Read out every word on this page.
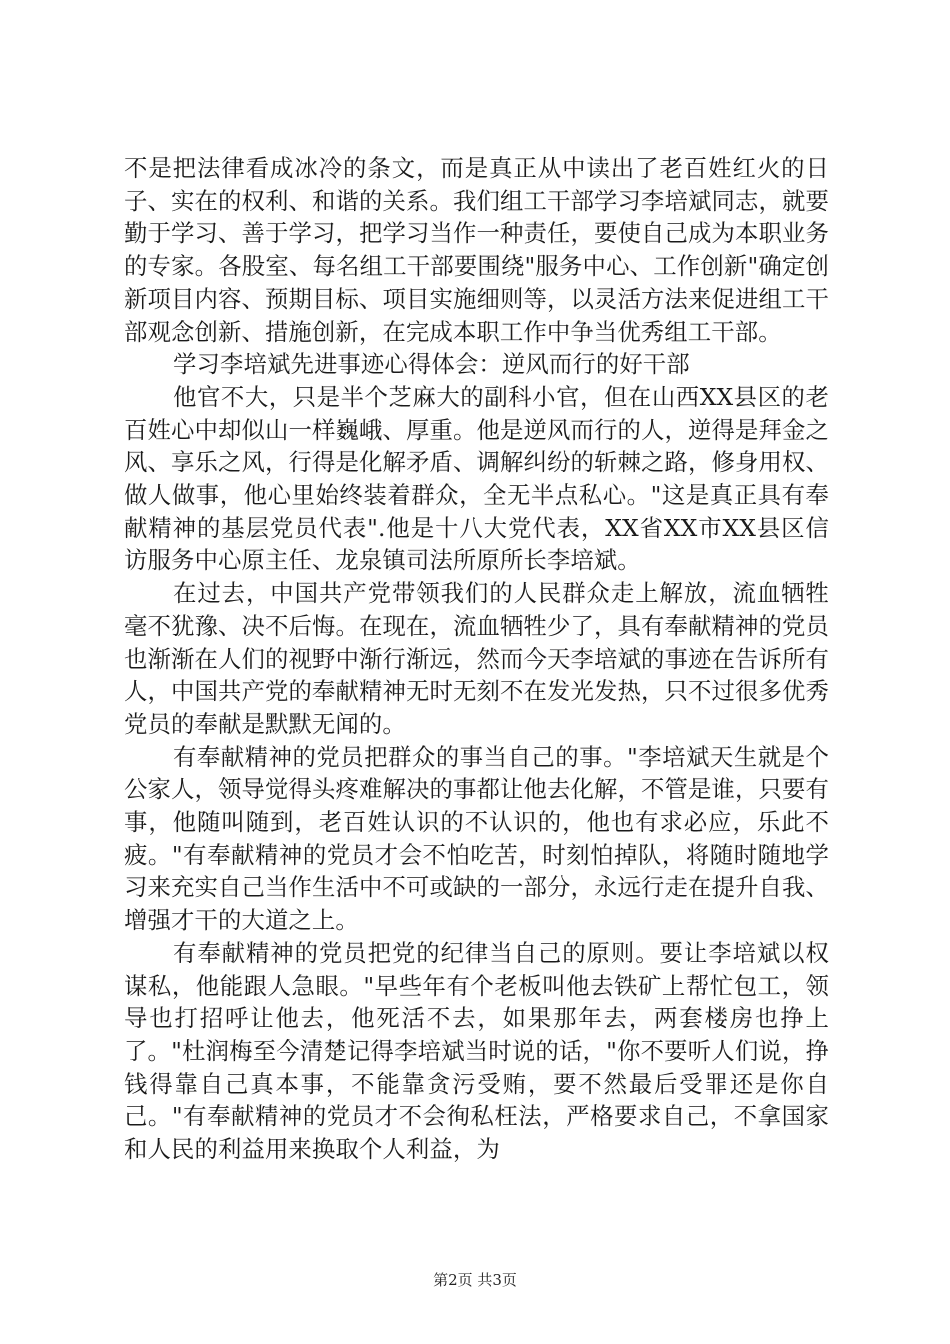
不是把法律看成冰冷的条文，而是真正从中读出了老百姓红火的日子、实在的权利、和谐的关系。我们组工干部学习李培斌同志，就要勤于学习、善于学习，把学习当作一种责任，要使自己成为本职业务的专家。各股室、每名组工干部要围绕"服务中心、工作创新"确定创新项目内容、预期目标、项目实施细则等，以灵活方法来促进组工干部观念创新、措施创新，在完成本职工作中争当优秀组工干部。

学习李培斌先进事迹心得体会：逆风而行的好干部

他官不大，只是半个芝麻大的副科小官，但在山西XX县区的老百姓心中却似山一样巍峨、厚重。他是逆风而行的人，逆得是拜金之风、享乐之风，行得是化解矛盾、调解纠纷的斩棘之路，修身用权、做人做事，他心里始终装着群众，全无半点私心。"这是真正具有奉献精神的基层党员代表".他是十八大党代表，XX省XX市XX县区信访服务中心原主任、龙泉镇司法所原所长李培斌。

在过去，中国共产党带领我们的人民群众走上解放，流血牺牲毫不犹豫、决不后悔。在现在，流血牺牲少了，具有奉献精神的党员也渐渐在人们的视野中渐行渐远，然而今天李培斌的事迹在告诉所有人，中国共产党的奉献精神无时无刻不在发光发热，只不过很多优秀党员的奉献是默默无闻的。

有奉献精神的党员把群众的事当自己的事。"李培斌天生就是个公家人，领导觉得头疼难解决的事都让他去化解，不管是谁，只要有事，他随叫随到，老百姓认识的不认识的，他也有求必应，乐此不疲。"有奉献精神的党员才会不怕吃苦，时刻怕掉队，将随时随地学习来充实自己当作生活中不可或缺的一部分，永远行走在提升自我、增强才干的大道之上。

有奉献精神的党员把党的纪律当自己的原则。要让李培斌以权谋私，他能跟人急眼。"早些年有个老板叫他去铁矿上帮忙包工，领导也打招呼让他去，他死活不去，如果那年去，两套楼房也挣上了。"杜润梅至今清楚记得李培斌当时说的话，"你不要听人们说，挣钱得靠自己真本事，不能靠贪污受贿，要不然最后受罪还是你自己。"有奉献精神的党员才不会徇私枉法，严格要求自己，不拿国家和人民的利益用来换取个人利益，为

第2页 共3页
